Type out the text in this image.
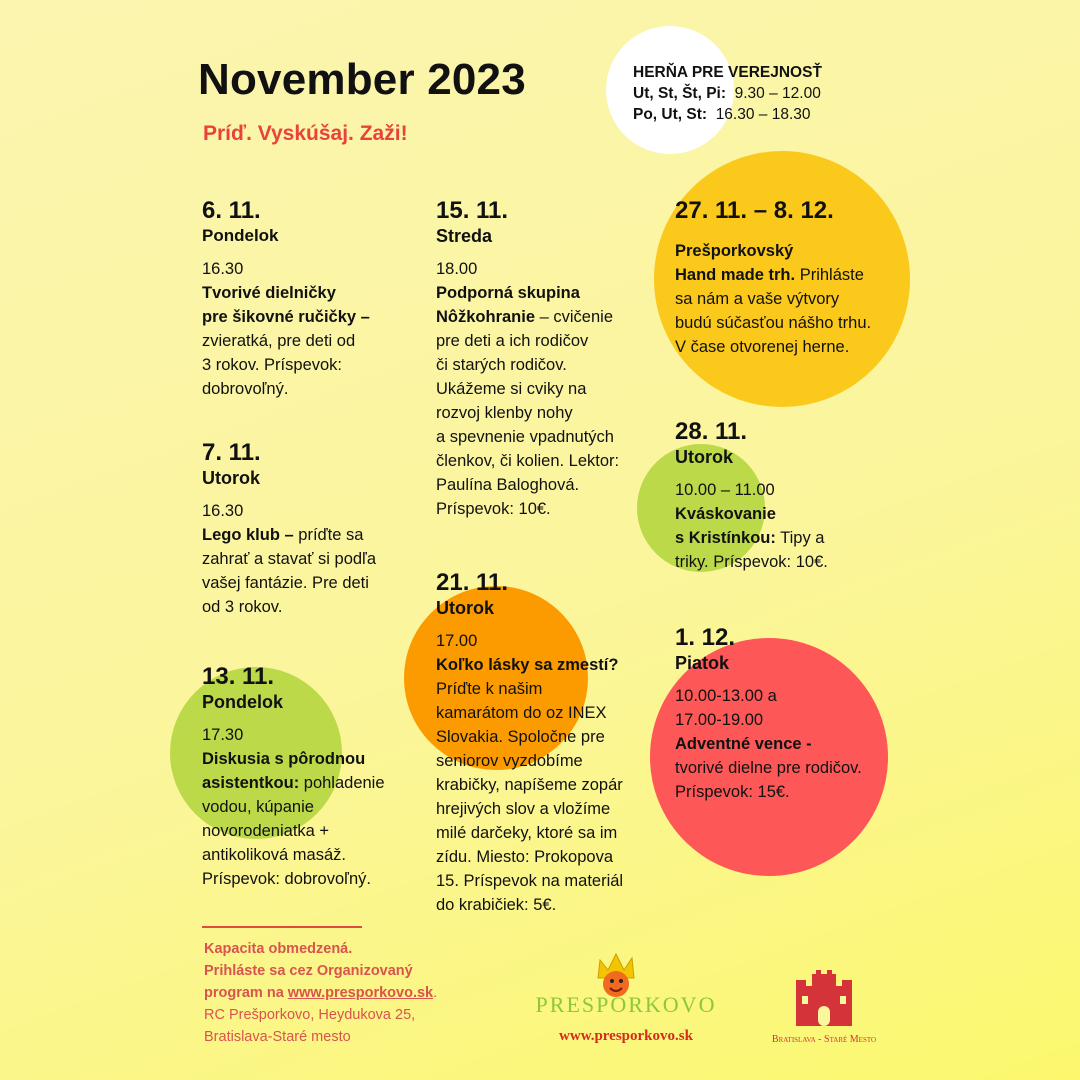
November 2023
Príď. Vyskúšaj. Zaži!
HERŇA PRE VEREJNOSŤ
Ut, St, Št, Pi: 9.30 – 12.00
Po, Ut, St: 16.30 – 18.30
6. 11.
Pondelok
16.30
Tvorivé dielničky
pre šikovné ručičky –
zvieratká, pre deti od
3 rokov. Príspevok:
dobrovoľný.
7. 11.
Utorok
16.30
Lego klub – príďte sa
zahrať a stavať si podľa
vašej fantázie. Pre deti
od 3 rokov.
13. 11.
Pondelok
17.30
Diskusia s pôrodnou
asistentkou: pohladenie
vodou, kúpanie
novorodeniatka +
antikoliková masáž.
Príspevok: dobrovoľný.
15. 11.
Streda
18.00
Podporná skupina
Nôžkohranie – cvičenie
pre deti a ich rodičov
či starých rodičov.
Ukážeme si cviky na
rozvoj klenby nohy
a spevnenie vpadnutých
členkov, či kolien. Lektor:
Paulína Baloghová.
Príspevok: 10€.
21. 11.
Utorok
17.00
Koľko lásky sa zmestí?
Príďte k našim
kamarátom do oz INEX
Slovakia. Spoločne pre
seniorov vyzdobíme
krabičky, napíšeme zopár
hrejivých slov a vložíme
milé darčeky, ktoré sa im
zídu. Miesto: Prokopova
15. Príspevok na materiál
do krabičiek: 5€.
27. 11. – 8. 12.
Prešporkovský
Hand made trh. Prihláste
sa nám a vaše výtvory
budú súčasťou nášho trhu.
V čase otvorenej herne.
28. 11.
Utorok
10.00 – 11.00
Kváskovanie
s Kristínkou: Tipy a
triky. Príspevok: 10€.
1. 12.
Piatok
10.00-13.00 a
17.00-19.00
Adventné vence -
tvorivé dielne pre rodičov.
Príspevok: 15€.
Kapacita obmedzená.
Prihláste sa cez Organizovaný
program na www.presporkovo.sk.
RC Prešporkovo, Heydukova 25,
Bratislava-Staré mesto
PRESPORKOVO
www.presporkovo.sk	Bratislava - Staré Mesto
